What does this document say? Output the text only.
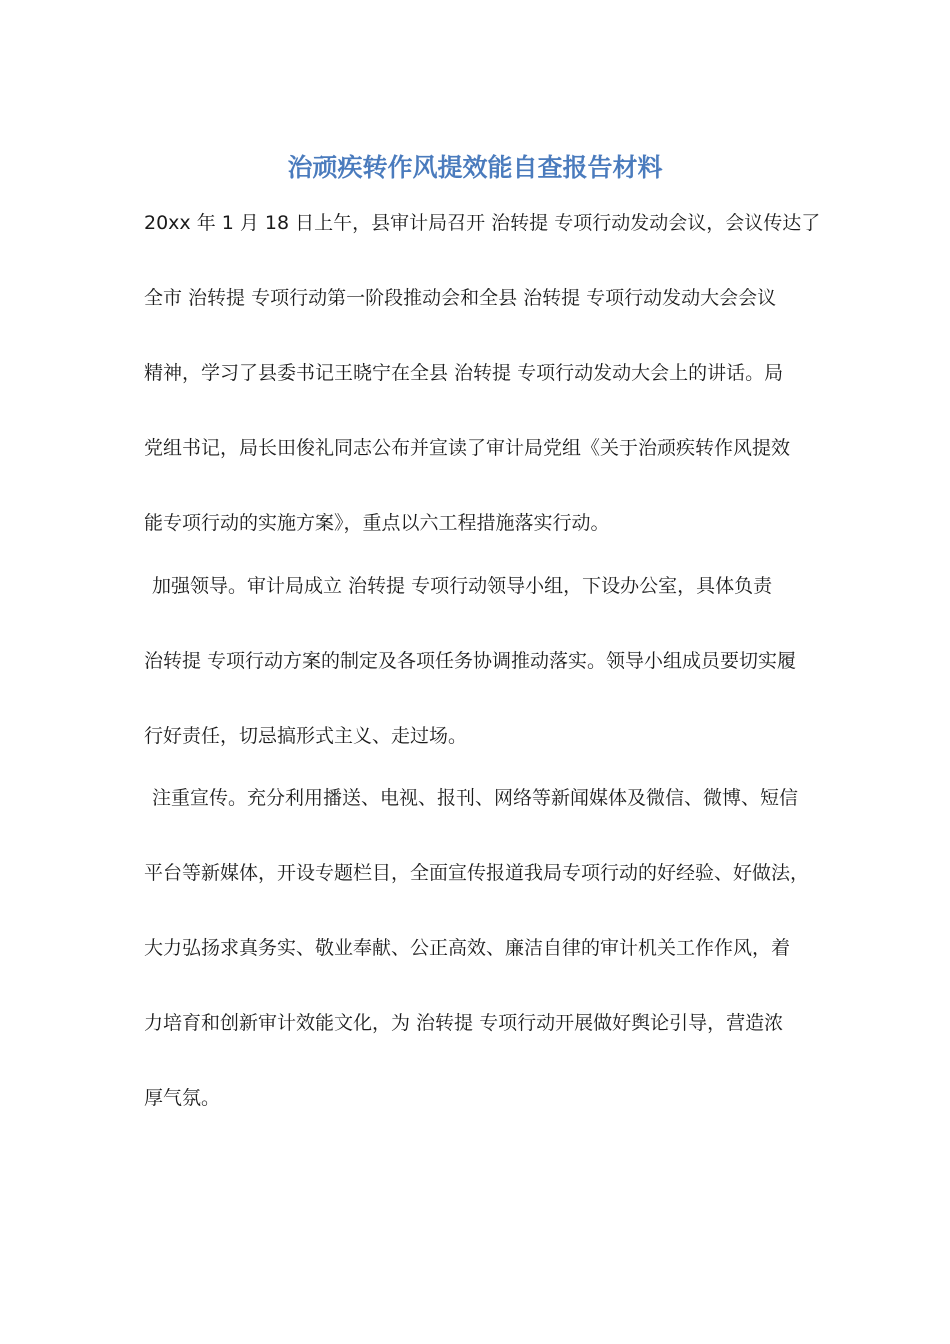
治顽疾转作风提效能自查报告材料
20xx 年 1 月 18 日上午，县审计局召开 治转提 专项行动发动会议，会议传达了
全市 治转提 专项行动第一阶段推动会和全县 治转提 专项行动发动大会会议
精神，学习了县委书记王晓宁在全县 治转提 专项行动发动大会上的讲话。局
党组书记，局长田俊礼同志公布并宣读了审计局党组《关于治顽疾转作风提效
能专项行动的实施方案》，重点以六工程措施落实行动。
加强领导。审计局成立 治转提 专项行动领导小组，下设办公室，具体负责
治转提 专项行动方案的制定及各项任务协调推动落实。领导小组成员要切实履
行好责任，切忌搞形式主义、走过场。
注重宣传。充分利用播送、电视、报刊、网络等新闻媒体及微信、微博、短信
平台等新媒体，开设专题栏目，全面宣传报道我局专项行动的好经验、好做法，
大力弘扬求真务实、敬业奉献、公正高效、廉洁自律的审计机关工作作风，着
力培育和创新审计效能文化，为 治转提 专项行动开展做好舆论引导，营造浓
厚气氛。
